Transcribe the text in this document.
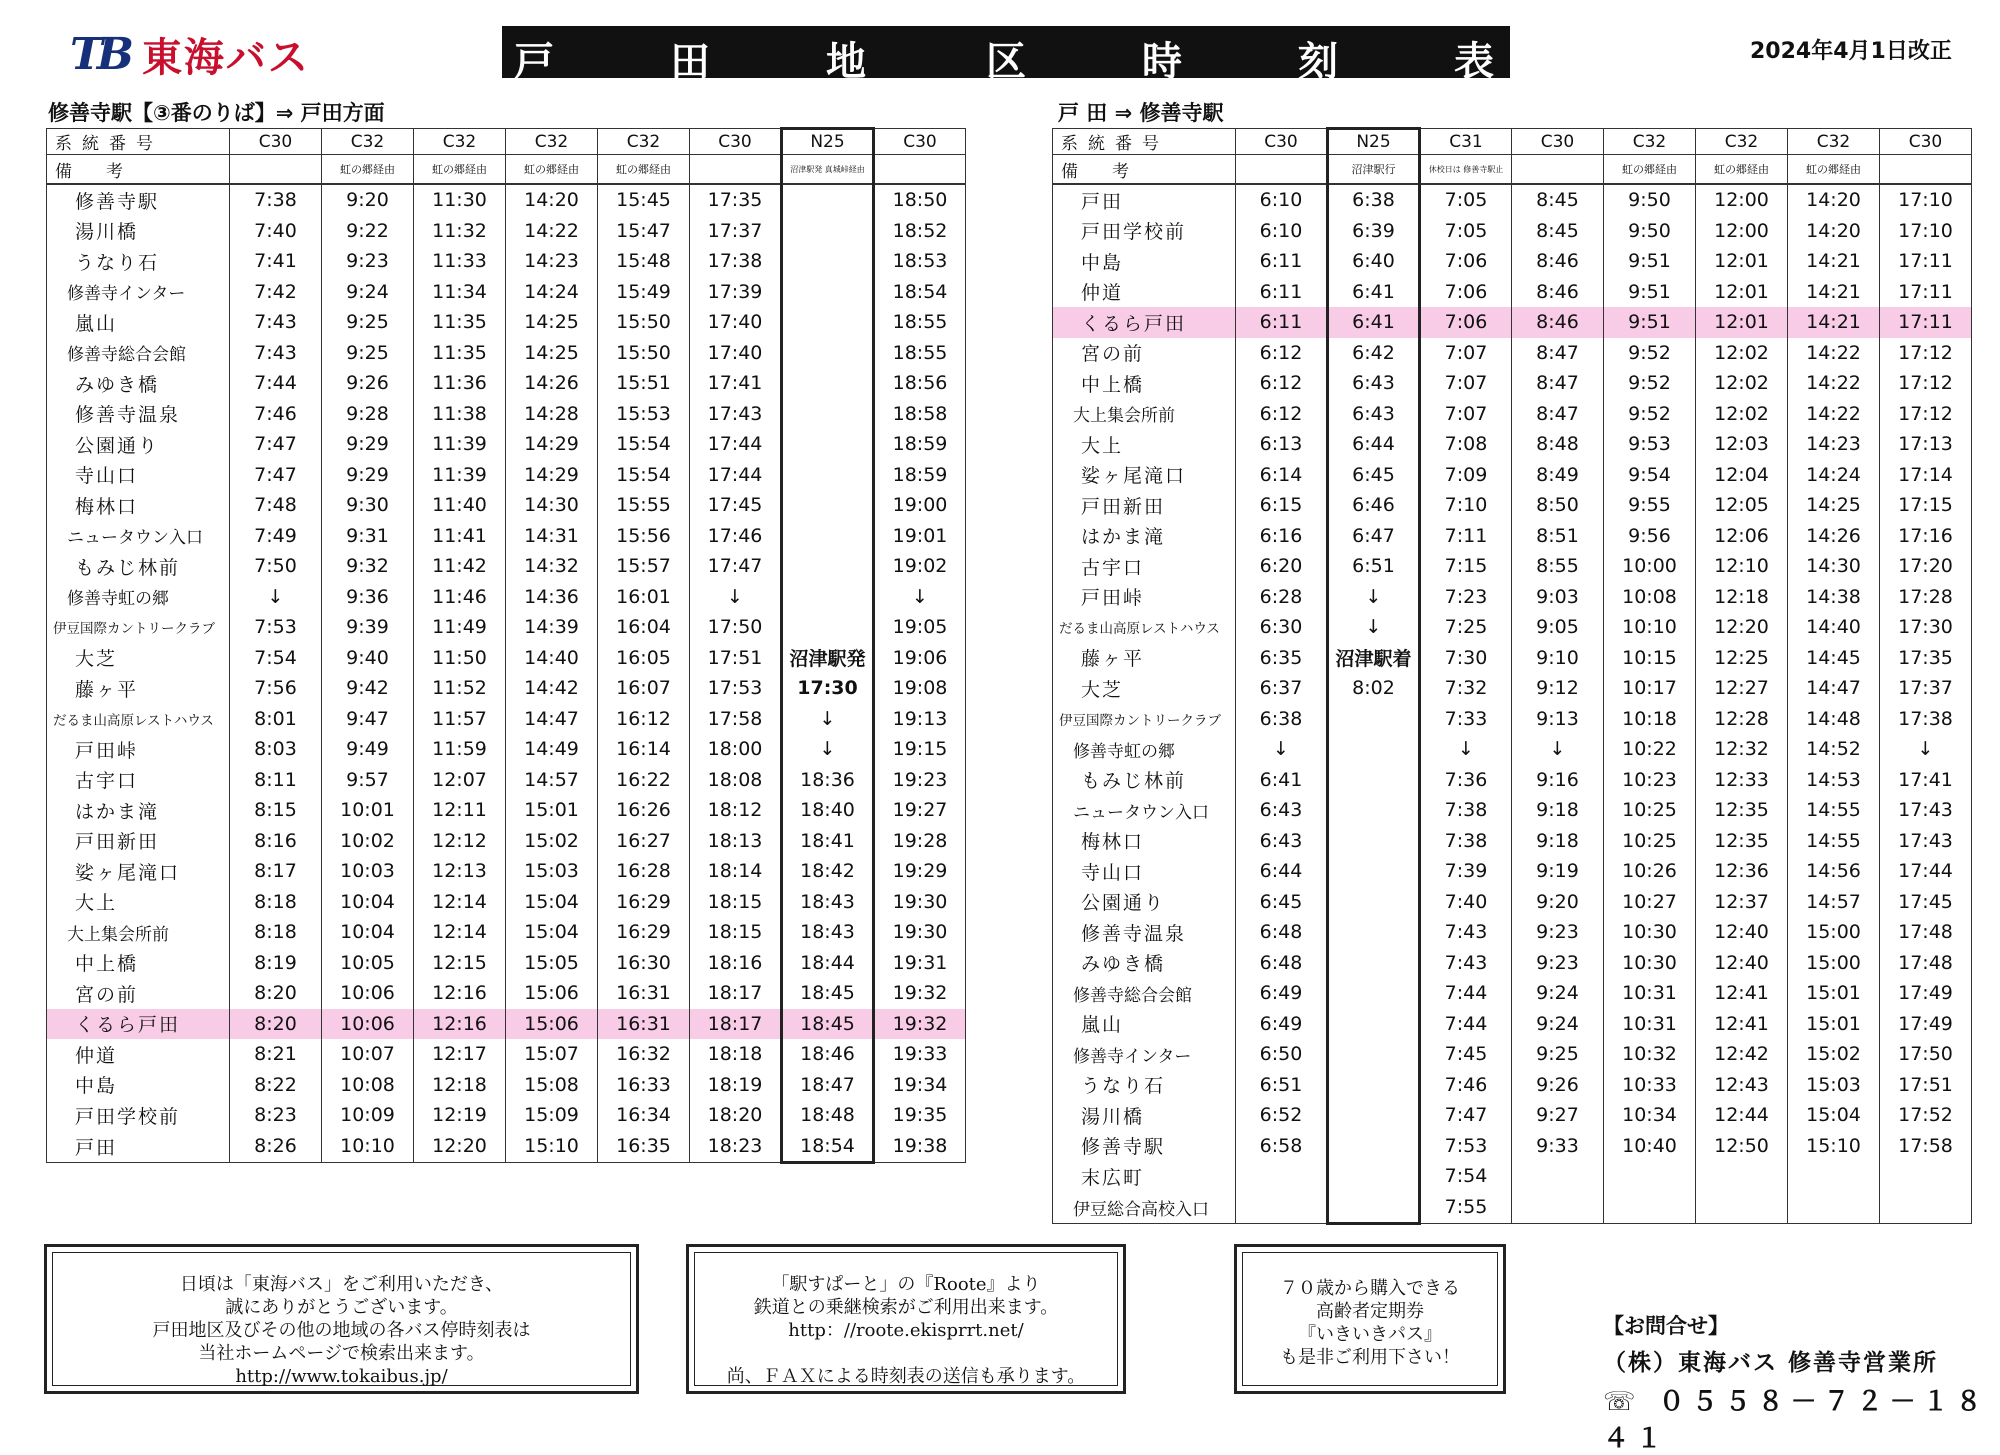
TB 東海バス	戸	田	地	区	時	刻	表	2024年4月1日改正
修善寺駅【③番のりば】⇒ 戸田方面	戸 田 ⇒ 修善寺駅
系統番号	C30	C32	C32	C32	C32	C30	N25	C30
備　　考		虹の郷経由	虹の郷経由	虹の郷経由	虹の郷経由		沼津駅発 真城峠経由	
修善寺駅	7:38	9:20	11:30	14:20	15:45	17:35		18:50
湯川橋	7:40	9:22	11:32	14:22	15:47	17:37		18:52
うなり石	7:41	9:23	11:33	14:23	15:48	17:38		18:53
修善寺インター	7:42	9:24	11:34	14:24	15:49	17:39		18:54
嵐山	7:43	9:25	11:35	14:25	15:50	17:40		18:55
修善寺総合会館	7:43	9:25	11:35	14:25	15:50	17:40		18:55
みゆき橋	7:44	9:26	11:36	14:26	15:51	17:41		18:56
修善寺温泉	7:46	9:28	11:38	14:28	15:53	17:43		18:58
公園通り	7:47	9:29	11:39	14:29	15:54	17:44		18:59
寺山口	7:47	9:29	11:39	14:29	15:54	17:44		18:59
梅林口	7:48	9:30	11:40	14:30	15:55	17:45		19:00
ニュータウン入口	7:49	9:31	11:41	14:31	15:56	17:46		19:01
もみじ林前	7:50	9:32	11:42	14:32	15:57	17:47		19:02
修善寺虹の郷	↓	9:36	11:46	14:36	16:01	↓		↓
伊豆国際カントリークラブ	7:53	9:39	11:49	14:39	16:04	17:50		19:05
大芝	7:54	9:40	11:50	14:40	16:05	17:51	沼津駅発	19:06
藤ヶ平	7:56	9:42	11:52	14:42	16:07	17:53	17:30	19:08
だるま山高原レストハウス	8:01	9:47	11:57	14:47	16:12	17:58	↓	19:13
戸田峠	8:03	9:49	11:59	14:49	16:14	18:00	↓	19:15
古宇口	8:11	9:57	12:07	14:57	16:22	18:08	18:36	19:23
はかま滝	8:15	10:01	12:11	15:01	16:26	18:12	18:40	19:27
戸田新田	8:16	10:02	12:12	15:02	16:27	18:13	18:41	19:28
娑ヶ尾滝口	8:17	10:03	12:13	15:03	16:28	18:14	18:42	19:29
大上	8:18	10:04	12:14	15:04	16:29	18:15	18:43	19:30
大上集会所前	8:18	10:04	12:14	15:04	16:29	18:15	18:43	19:30
中上橋	8:19	10:05	12:15	15:05	16:30	18:16	18:44	19:31
宮の前	8:20	10:06	12:16	15:06	16:31	18:17	18:45	19:32
くるら戸田	8:20	10:06	12:16	15:06	16:31	18:17	18:45	19:32
仲道	8:21	10:07	12:17	15:07	16:32	18:18	18:46	19:33
中島	8:22	10:08	12:18	15:08	16:33	18:19	18:47	19:34
戸田学校前	8:23	10:09	12:19	15:09	16:34	18:20	18:48	19:35
戸田	8:26	10:10	12:20	15:10	16:35	18:23	18:54	19:38
系統番号	C30	N25	C31	C30	C32	C32	C32	C30
備　　考		沼津駅行	休校日は 修善寺駅止		虹の郷経由	虹の郷経由	虹の郷経由	
戸田	6:10	6:38	7:05	8:45	9:50	12:00	14:20	17:10
戸田学校前	6:10	6:39	7:05	8:45	9:50	12:00	14:20	17:10
中島	6:11	6:40	7:06	8:46	9:51	12:01	14:21	17:11
仲道	6:11	6:41	7:06	8:46	9:51	12:01	14:21	17:11
くるら戸田	6:11	6:41	7:06	8:46	9:51	12:01	14:21	17:11
宮の前	6:12	6:42	7:07	8:47	9:52	12:02	14:22	17:12
中上橋	6:12	6:43	7:07	8:47	9:52	12:02	14:22	17:12
大上集会所前	6:12	6:43	7:07	8:47	9:52	12:02	14:22	17:12
大上	6:13	6:44	7:08	8:48	9:53	12:03	14:23	17:13
娑ヶ尾滝口	6:14	6:45	7:09	8:49	9:54	12:04	14:24	17:14
戸田新田	6:15	6:46	7:10	8:50	9:55	12:05	14:25	17:15
はかま滝	6:16	6:47	7:11	8:51	9:56	12:06	14:26	17:16
古宇口	6:20	6:51	7:15	8:55	10:00	12:10	14:30	17:20
戸田峠	6:28	↓	7:23	9:03	10:08	12:18	14:38	17:28
だるま山高原レストハウス	6:30	↓	7:25	9:05	10:10	12:20	14:40	17:30
藤ヶ平	6:35	沼津駅着	7:30	9:10	10:15	12:25	14:45	17:35
大芝	6:37	8:02	7:32	9:12	10:17	12:27	14:47	17:37
伊豆国際カントリークラブ	6:38		7:33	9:13	10:18	12:28	14:48	17:38
修善寺虹の郷	↓		↓	↓	10:22	12:32	14:52	↓
もみじ林前	6:41		7:36	9:16	10:23	12:33	14:53	17:41
ニュータウン入口	6:43		7:38	9:18	10:25	12:35	14:55	17:43
梅林口	6:43		7:38	9:18	10:25	12:35	14:55	17:43
寺山口	6:44		7:39	9:19	10:26	12:36	14:56	17:44
公園通り	6:45		7:40	9:20	10:27	12:37	14:57	17:45
修善寺温泉	6:48		7:43	9:23	10:30	12:40	15:00	17:48
みゆき橋	6:48		7:43	9:23	10:30	12:40	15:00	17:48
修善寺総合会館	6:49		7:44	9:24	10:31	12:41	15:01	17:49
嵐山	6:49		7:44	9:24	10:31	12:41	15:01	17:49
修善寺インター	6:50		7:45	9:25	10:32	12:42	15:02	17:50
うなり石	6:51		7:46	9:26	10:33	12:43	15:03	17:51
湯川橋	6:52		7:47	9:27	10:34	12:44	15:04	17:52
修善寺駅	6:58		7:53	9:33	10:40	12:50	15:10	17:58
末広町			7:54					
伊豆総合高校入口			7:55					
日頃は「東海バス」をご利用いただき、
誠にありがとうございます。
戸田地区及びその他の地域の各バス停時刻表は
当社ホームページで検索出来ます。
http://www.tokaibus.jp/
「駅すぱーと」の『Roote』より
鉄道との乗継検索がご利用出来ます。
http：//roote.ekisprrt.net/
尚、ＦＡＸによる時刻表の送信も承ります。
７０歳から購入できる
高齢者定期券
『いきいきパス』
も是非ご利用下さい！
【お問合せ】
（株）東海バス 修善寺営業所
☏ ０５５８－７２－１８４１
